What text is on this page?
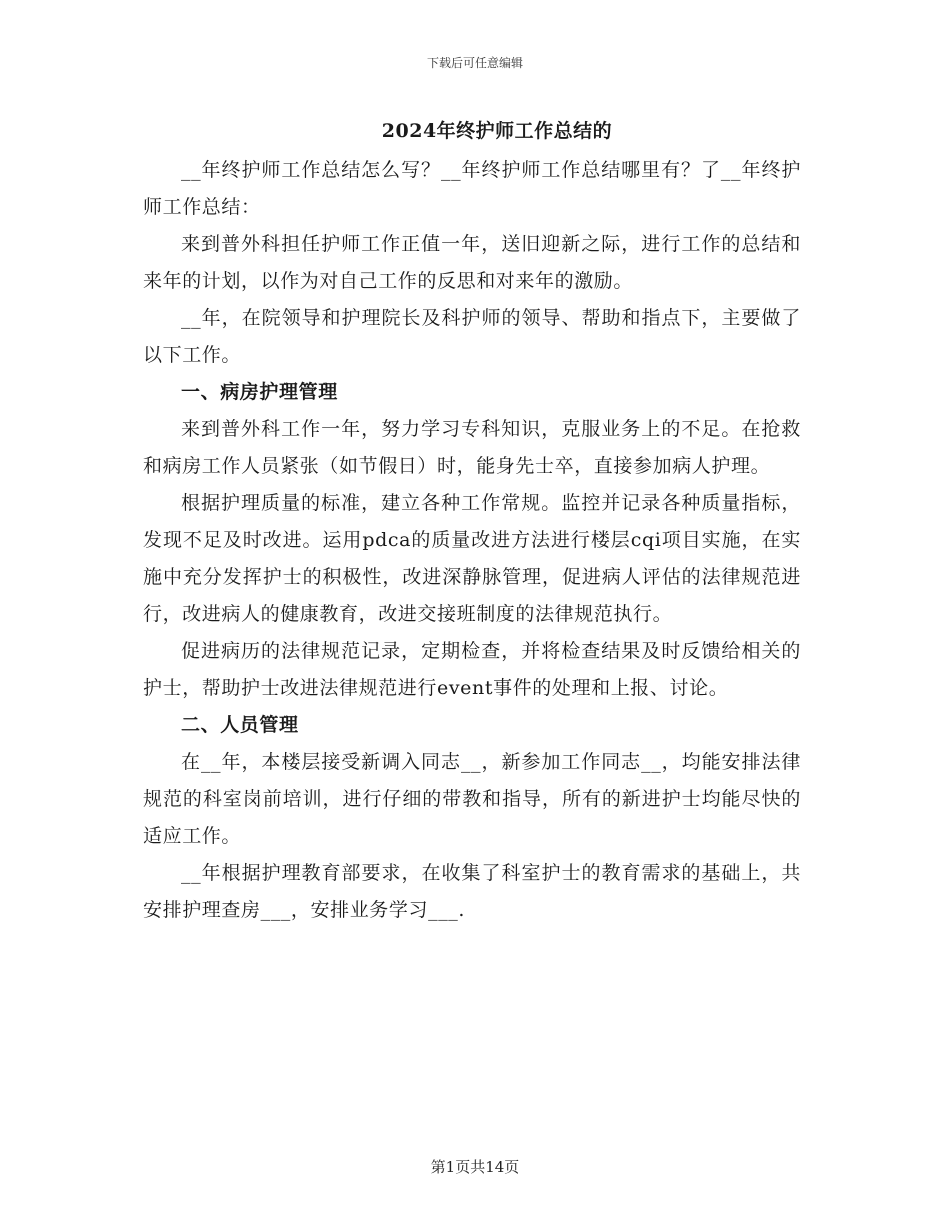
下载后可任意编辑
2024年终护师工作总结的

__年终护师工作总结怎么写？__年终护师工作总结哪里有？了__年终护师工作总结：

来到普外科担任护师工作正值一年，送旧迎新之际，进行工作的总结和来年的计划，以作为对自己工作的反思和对来年的激励。

__年，在院领导和护理院长及科护师的领导、帮助和指点下，主要做了以下工作。

一、病房护理管理

来到普外科工作一年，努力学习专科知识，克服业务上的不足。在抢救和病房工作人员紧张（如节假日）时，能身先士卒，直接参加病人护理。

根据护理质量的标准，建立各种工作常规。监控并记录各种质量指标，发现不足及时改进。运用pdca的质量改进方法进行楼层cqi项目实施，在实施中充分发挥护士的积极性，改进深静脉管理，促进病人评估的法律规范进行，改进病人的健康教育，改进交接班制度的法律规范执行。

促进病历的法律规范记录，定期检查，并将检查结果及时反馈给相关的护士，帮助护士改进法律规范进行event事件的处理和上报、讨论。

二、人员管理

在__年，本楼层接受新调入同志__，新参加工作同志__，均能安排法律规范的科室岗前培训，进行仔细的带教和指导，所有的新进护士均能尽快的适应工作。

__年根据护理教育部要求，在收集了科室护士的教育需求的基础上，共安排护理查房___，安排业务学习___.

第1页共14页
